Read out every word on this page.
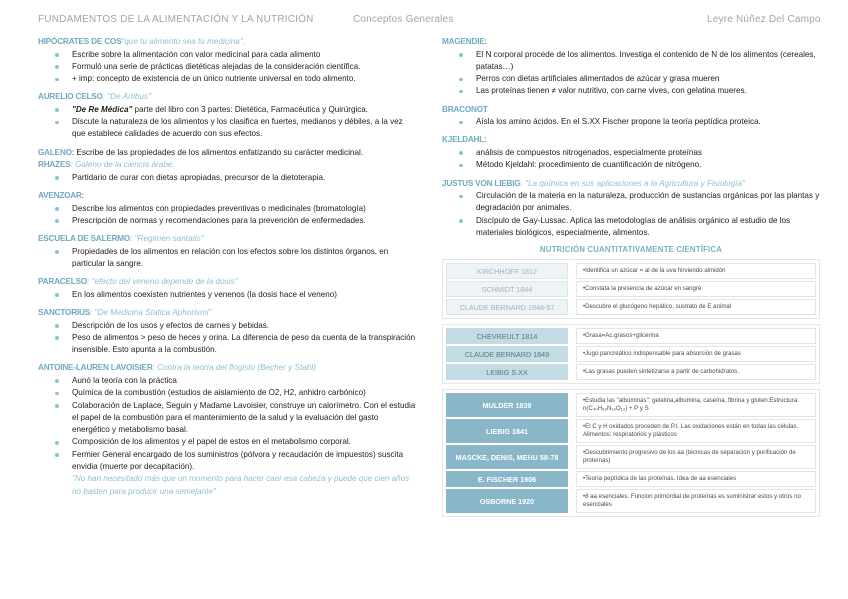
FUNDAMENTOS DE LA ALIMENTACIÓN Y LA NUTRICIÓN	Conceptos Generales	Leyre Núñez Del Campo
HIPÓCRATES DE COS"que tu alimento sea tu medicina".
Escribe sobre la alimentación con valor medicinal para cada alimento
Formuló una serie de prácticas dietéticas alejadas de la consideración científica.
+ imp: concepto de existencia de un único nutriente universal en todo alimento.
AURELIO CELSO: "De Artibus"
"De Re Médica" parte del libro con 3 partes: Dietética, Farmacéutica y Quirúrgica.
Discute la naturaleza de los alimentos y los clasifica en fuertes, medianos y débiles, a la vez que establece calidades de acuerdo con sus efectos.
GALENO: Escribe de las propiedades de los alimentos enfatizando su carácter medicinal.
RHAZES: Galeno de la ciencia árabe.
Partidario de curar con dietas apropiadas, precursor de la dietoterapia.
AVENZOAR:
Describe los alimentos con propiedades preventivas o medicinales (bromatología)
Prescripción de normas y recomendaciones para la prevención de enfermedades.
ESCUELA DE SALERMO: "Regimen santatis"
Propiedades de los alimentos en relación con los efectos sobre los distintos órganos, en particular la sangre.
PARACELSO: "efecto del veneno depende de la dosis"
En los alimentos coexisten nutrientes y venenos (la dosis hace el veneno)
SANCTORIUS: "De Medicina Statica Aphorismi"
Descripción de los usos y efectos de carnes y bebidas.
Peso de alimentos > peso de heces y orina. La diferencia de peso da cuenta de la transpiración insensible. Esto apunta a la combustión.
ANTOINE-LAUREN LAVOISIER: Contra la teoría del flogisto (Becher y Stahl)
Aunó la teoría con la práctica
Química de la combustión (estudios de aislamiento de O2, H2, anhidro carbónico)
Colaboración de Laplace, Seguin y Madame Lavoisier, construye un calorímetro. Con el estudia el papel de la combustión para el mantenimiento de la salud y la evaluación del gasto energético y metabolismo basal.
Composición de los alimentos y el papel de estos en el metabolismo corporal.
Fermier General encargado de los suministros (pólvora y recaudación de impuestos) suscita envidia (muerte por decapitación).
"No han necesitado más que un momento para hacer caer esa cabeza y puede que cien años no basten para producir una semejante"
MAGENDIE:
El N corporal procede de los alimentos. Investiga el contenido de N de los alimentos (cereales, patatas…)
Perros con dietas artificiales alimentados de azúcar y grasa mueren
Las proteínas tienen ≠ valor nutritivo, con carne vives, con gelatina mueres.
BRACONOT
Aísla los amino ácidos. En el S.XX Fischer propone la teoría peptídica proteica.
KJELDAHL:
análisis de compuestos nitrogenados, especialmente proteínas
Método Kjeldahl: procedimiento de cuantificación de nitrógeno.
JUSTUS VON LIEBIG: "La química en sus aplicaciones a la Agricultura y Fisiología"
Circulación de la materia en la naturaleza, producción de sustancias orgánicas por las plantas y degradación por animales.
Discípulo de Gay-Lussac. Aplica las metodologías de análisis orgánico al estudio de los materiales biológicos, especialmente, alimentos.
NUTRICIÓN CUANTITATIVAMENTE CIENTÍFICA
KIRCHHOFF 1812	•Identifica un azúcar = al de la uva hirviendo almidón
SCHMIDT 1844	•Constata la presencia de azúcar en sangre
CLAUDE BERNARD 1848-57	•Descubre el glucógeno hepático, sustrato de E animal
CHEVREULT 1814	•Grasa=Ac.grasos+glicerina
CLAUDE BERNARD 1849	•Jugo pancreático indispensable para absorción de grasas
LEIBIG S.XX	•Las grasas pueden sintetizarse a partir de carbohidratos.
MULDER 1839	•Estudia las "albúminas": gelatina,albumina, caseína, fibrina y gluten.Estructura: n(C₄₀H₆₂N₁₀O₁₂) + P y S
LIEBIG 1841	•El C y H oxidados proceden de P.I. Las oxidaciones están en todas las células. Alimentos: respiratorios y plásticos
MASCKE, DENIS, MEHU 58-78	•Descubrimiento progresivo de los aa (técnicas de separación y purificación de proteínas)
E. FISCHER 1906	•Teoría peptídica de las proteínas. Idea de aa esenciales
OSBORNE 1920	•8 aa esenciales. Funcion primordial de proteínas es suministrar estos y otros no esenciales
